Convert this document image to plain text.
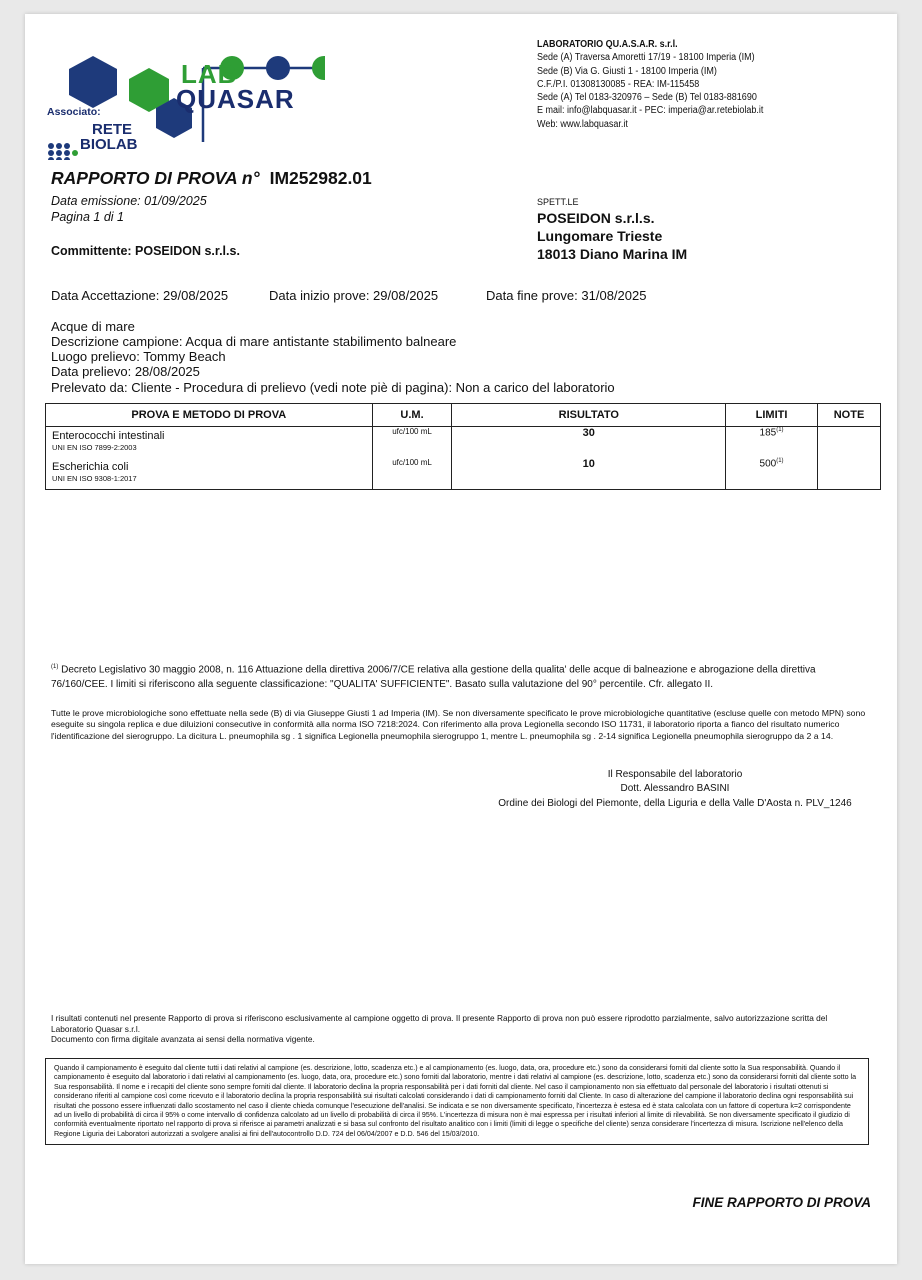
LAB
QUASAR
Associato:
RETE
BIOLAB
LABORATORIO QU.A.S.A.R. s.r.l.
Sede (A) Traversa Amoretti 17/19 - 18100 Imperia (IM)
Sede (B) Via G. Giusti 1 - 18100 Imperia (IM)
C.F./P.I. 01308130085 - REA: IM-115458
Sede (A) Tel 0183-320976 – Sede (B) Tel 0183-881690
E mail: info@labquasar.it - PEC: imperia@ar.retebiolab.it
Web: www.labquasar.it
RAPPORTO DI PROVA n° IM252982.01
Data emissione: 01/09/2025
Pagina 1 di 1
Committente: POSEIDON s.r.l.s.
SPETT.LE
POSEIDON s.r.l.s.
Lungomare Trieste
18013 Diano Marina IM
Data Accettazione: 29/08/2025	Data inizio prove: 29/08/2025	Data fine prove: 31/08/2025
Acque di mare
Descrizione campione: Acqua di mare antistante stabilimento balneare
Luogo prelievo: Tommy Beach
Data prelievo: 28/08/2025
Prelevato da: Cliente - Procedura di prelievo (vedi note piè di pagina): Non a carico del laboratorio
PROVA E METODO DI PROVA	U.M.	RISULTATO	LIMITI	NOTE

Enterococchi intestinali
UNI EN ISO 7899-2:2003	ufc/100 mL	30	185$^{(1)}$	

Escherichia coli
UNI EN ISO 9308-1:2017	ufc/100 mL	10	500$^{(1)}$	
$^{(1)}$ Decreto Legislativo 30 maggio 2008, n. 116 Attuazione della direttiva 2006/7/CE relativa alla gestione della qualita' delle acque di balneazione e abrogazione della direttiva 76/160/CEE. I limiti si riferiscono alla seguente classificazione: "QUALITA' SUFFICIENTE". Basato sulla valutazione del 90° percentile. Cfr. allegato II.
Tutte le prove microbiologiche sono effettuate nella sede (B) di via Giuseppe Giusti 1 ad Imperia (IM). Se non diversamente specificato le prove microbiologiche quantitative (escluse quelle con metodo MPN) sono eseguite su singola replica e due diluizioni consecutive in conformità alla norma ISO 7218:2024. Con riferimento alla prova Legionella secondo ISO 11731, il laboratorio riporta a fianco del risultato numerico l'identificazione del sierogruppo. La dicitura L. pneumophila sg . 1 significa Legionella pneumophila sierogruppo 1, mentre L. pneumophila sg . 2-14 significa Legionella pneumophila sierogruppo da 2 a 14.
Il Responsabile del laboratorio
Dott. Alessandro BASINI
Ordine dei Biologi del Piemonte, della Liguria e della Valle D'Aosta n. PLV_1246
I risultati contenuti nel presente Rapporto di prova si riferiscono esclusivamente al campione oggetto di prova. Il presente Rapporto di prova non può essere riprodotto parzialmente, salvo autorizzazione scritta del Laboratorio Quasar s.r.l.
Documento con firma digitale avanzata ai sensi della normativa vigente.
Quando il campionamento è eseguito dal cliente tutti i dati relativi al campione (es. descrizione, lotto, scadenza etc.) e al campionamento (es. luogo, data, ora, procedure etc.) sono da considerarsi forniti dal cliente sotto la Sua responsabilità. Quando il campionamento è eseguito dal laboratorio i dati relativi al campionamento (es. luogo, data, ora, procedure etc.) sono forniti dal laboratorio, mentre i dati relativi al campione (es. descrizione, lotto, scadenza etc.) sono da considerarsi forniti dal cliente sotto la Sua responsabilità. Il nome e i recapiti del cliente sono sempre forniti dal cliente. Il laboratorio declina la propria responsabilità per i dati forniti dal cliente. Nel caso il campionamento non sia effettuato dal personale del laboratorio i risultati ottenuti si considerano riferiti al campione così come ricevuto e il laboratorio declina la propria responsabilità sui risultati calcolati considerando i dati di campionamento forniti dal Cliente. In caso di alterazione del campione il laboratorio declina ogni responsabilità sui risultati che possono essere influenzati dallo scostamento nel caso il cliente chieda comunque l'esecuzione dell'analisi. Se indicata e se non diversamente specificato, l'incertezza è estesa ed è stata calcolata con un fattore di copertura k=2 corrispondente ad un livello di probabilità di circa il 95% o come intervallo di confidenza calcolato ad un livello di probabilità di circa il 95%. L'incertezza di misura non è mai espressa per i risultati inferiori al limite di rilevabilità. Se non diversamente specificato il giudizio di conformità eventualmente riportato nel rapporto di prova si riferisce ai parametri analizzati e si basa sul confronto del risultato analitico con i limiti (limiti di legge o specifiche del cliente) senza considerare l'incertezza di misura. Iscrizione nell'elenco della Regione Liguria dei Laboratori autorizzati a svolgere analisi ai fini dell'autocontrollo D.D. 724 del 06/04/2007 e D.D. 546 del 15/03/2010.
FINE RAPPORTO DI PROVA
